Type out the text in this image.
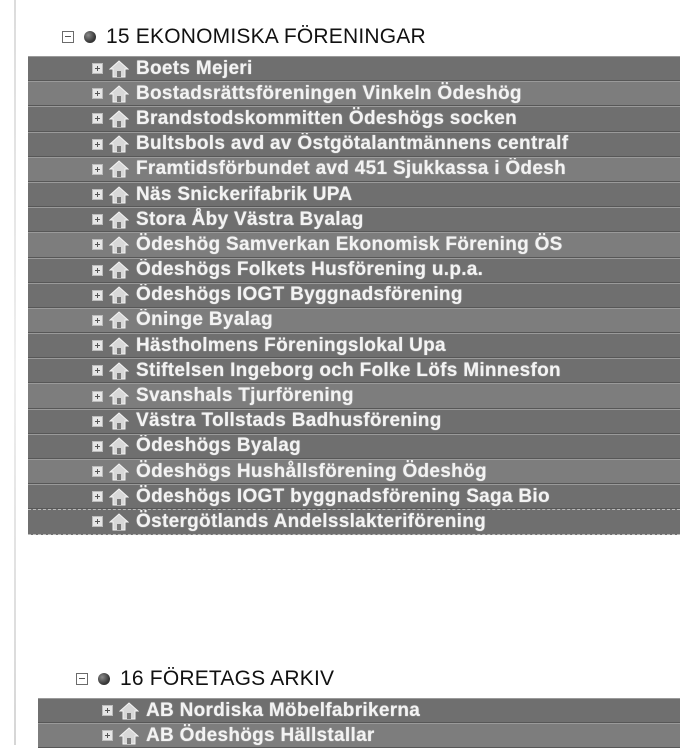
15 EKONOMISKA FÖRENINGAR
Boets Mejeri
Bostadsrättsföreningen Vinkeln Ödeshög
Brandstodskommitten Ödeshögs socken
Bultsbols avd av Östgötalantmännens centralf
Framtidsförbundet avd 451 Sjukkassa i Ödesh
Näs Snickerifabrik UPA
Stora Åby Västra Byalag
Ödeshög Samverkan Ekonomisk Förening ÖS
Ödeshögs Folkets Husförening u.p.a.
Ödeshögs IOGT Byggnadsförening
Öninge Byalag
Hästholmens Föreningslokal Upa
Stiftelsen Ingeborg och Folke Löfs Minnesfon
Svanshals Tjurförening
Västra Tollstads Badhusförening
Ödeshögs Byalag
Ödeshögs Hushållsförening Ödeshög
Ödeshögs IOGT byggnadsförening Saga Bio
Östergötlands Andelsslakteriförening
16 FÖRETAGS ARKIV
AB Nordiska Möbelfabrikerna
AB Ödeshögs Hällstallar
